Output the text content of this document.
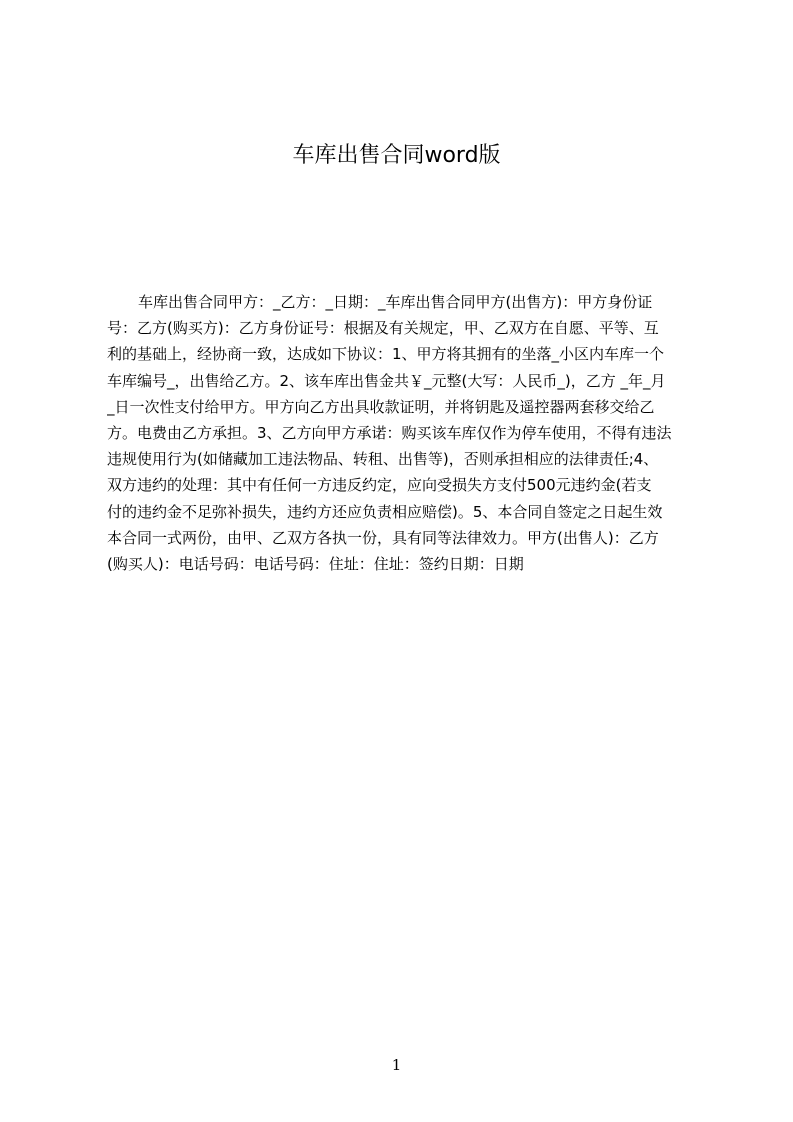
车库出售合同word版
车库出售合同甲方：_乙方：_日期：_车库出售合同甲方(出售方)：甲方身份证
号：乙方(购买方)：乙方身份证号：根据及有关规定，甲、乙双方在自愿、平等、互
利的基础上，经协商一致，达成如下协议：1、甲方将其拥有的坐落_小区内车库一个
车库编号_，出售给乙方。2、该车库出售金共￥_元整(大写：人民币_)，乙方 _年_月
_日一次性支付给甲方。甲方向乙方出具收款证明，并将钥匙及遥控器两套移交给乙
方。电费由乙方承担。3、乙方向甲方承诺：购买该车库仅作为停车使用，不得有违法
违规使用行为(如储藏加工违法物品、转租、出售等)，否则承担相应的法律责任;4、
双方违约的处理：其中有任何一方违反约定，应向受损失方支付500元违约金(若支
付的违约金不足弥补损失，违约方还应负责相应赔偿)。5、本合同自签定之日起生效
本合同一式两份，由甲、乙双方各执一份，具有同等法律效力。甲方(出售人)：乙方
(购买人)：电话号码：电话号码：住址：住址：签约日期：日期
1
